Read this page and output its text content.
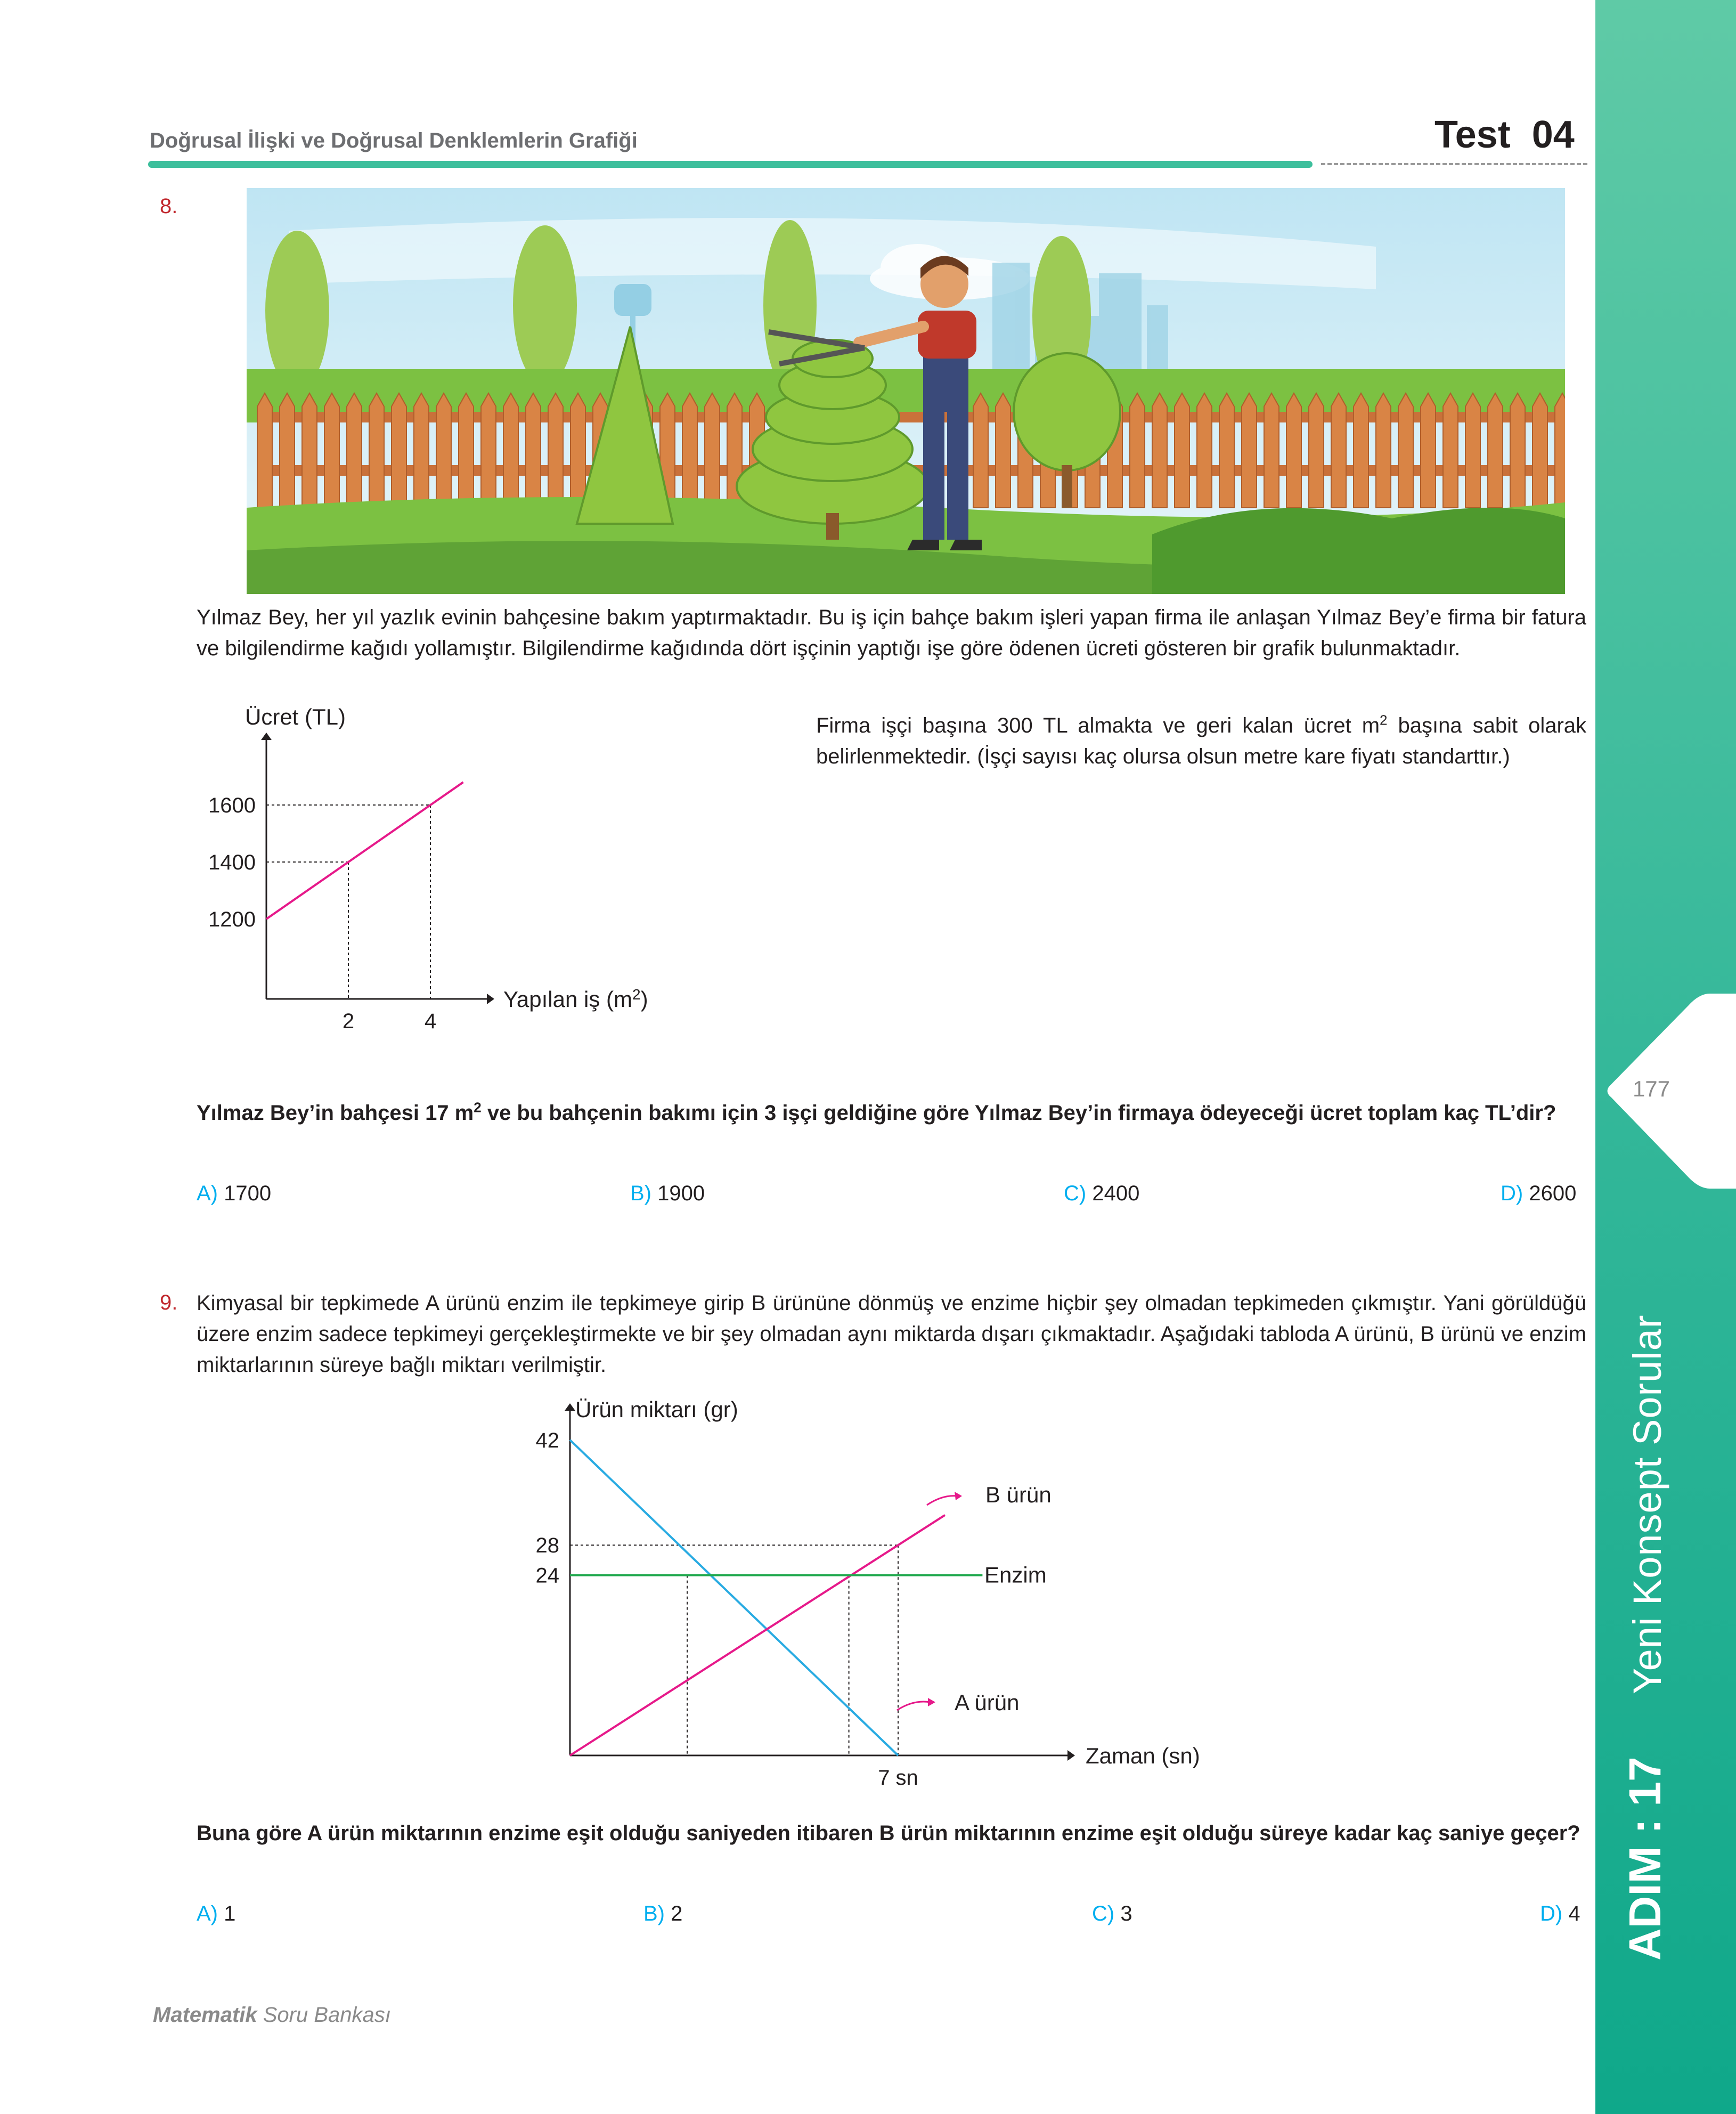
177
Yeni Konsept Sorular
ADIM : 17
Doğrusal İlişki ve Doğrusal Denklemlerin Grafiği	Test 04
8.
Yılmaz Bey, her yıl yazlık evinin bahçesine bakım yaptırmaktadır. Bu iş için bahçe bakım işleri yapan firma ile anlaşan Yılmaz Bey’e firma bir fatura ve bilgilendirme kağıdı yollamıştır. Bilgilendirme kağıdında dört işçinin yaptığı işe göre ödenen ücreti gösteren bir grafik bulunmaktadır.
Ücret (TL)
Yapılan iş $(m^2)$
1600
1400
1200
2	4
Firma işçi başına 300 TL almakta ve geri kalan ücret $m^2$ başına sabit olarak belirlenmektedir. (İşçi sayısı kaç olursa olsun metre kare fiyatı standarttır.)
Yılmaz Bey’in bahçesi 17 $m^2$ ve bu bahçenin bakımı için 3 işçi geldiğine göre Yılmaz Bey’in firmaya ödeyeceği ücret toplam kaç TL’dir?
A) 1700	B) 1900	C) 2400	D) 2600
9. Kimyasal bir tepkimede A ürünü enzim ile tepkimeye girip B ürününe dönmüş ve enzime hiçbir şey olmadan tepkimeden çıkmıştır. Yani görüldüğü üzere enzim sadece tepkimeyi gerçekleştirmekte ve bir şey olmadan aynı miktarda dışarı çıkmaktadır. Aşağıdaki tabloda A ürünü, B ürünü ve enzim miktarlarının süreye bağlı miktarı verilmiştir.
Ürün miktarı (gr)
Zaman (sn)
42
28
24
7 sn
Enzim
B ürün
A ürün
Buna göre A ürün miktarının enzime eşit olduğu saniyeden itibaren B ürün miktarının enzime eşit olduğu süreye kadar kaç saniye geçer?
A) 1	B) 2	C) 3	D) 4
Matematik Soru Bankası
